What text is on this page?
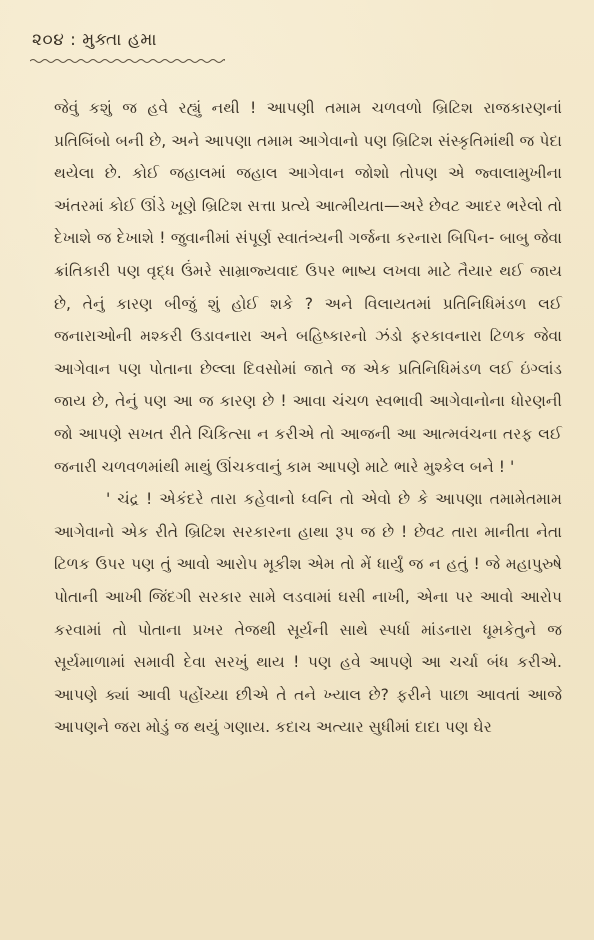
૨૦૪ : મુક્તા હમા

જેવું કશું જ હવે રહ્યું નથી ! આપણી તમામ ચળવળો બ્રિટિશ રાજકારણનાં પ્રતિબિંબો બની છે, અને આપણા તમામ આગેવાનો પણ બ્રિટિશ સંસ્કૃતિમાંથી જ પેદા થયેલા છે. કોઈ જહાલમાં જહાલ આગેવાન જોશો તોપણ એ જ્વાલામુખીના અંતરમાં કોઈ ઊંડે ખૂણે બ્રિટિશ સત્તા પ્રત્યે આત્મીયતા—અરે છેવટ આદર ભરેલો તો દેખાશે જ દેખાશે ! જુવાનીમાં સંપૂર્ણ સ્વાતંત્ર્યની ગર્જના કરનારા બિપિન- બાબુ જેવા ક્રાંતિકારી પણ વૃદ્ધ ઉંમરે સામ્રાજ્યવાદ ઉપર ભાષ્ય લખવા માટે તૈયાર થઈ જાય છે, તેનું કારણ બીજું શું હોઈ શકે ? અને વિલાયતમાં પ્રતિનિધિમંડળ લઈ જનારાઓની મશ્કરી ઉડાવનારા અને બહિષ્કારનો ઝંડો ફરકાવનારા ટિળક જેવા આગેવાન પણ પોતાના છેલ્લા દિવસોમાં જાતે જ એક પ્રતિનિધિમંડળ લઈ ઇંગ્લાંડ જાય છે, તેનું પણ આ જ કારણ છે ! આવા ચંચળ સ્વભાવી આગેવાનોના ધોરણની જો આપણે સખત રીતે ચિકિત્સા ન કરીએ તો આજની આ આત્મવંચના તરફ લઈ જનારી ચળવળમાંથી માથું ઊંચકવાનું કામ આપણે માટે ભારે મુશ્કેલ બને ! '

' ચંદ્ર ! એકંદરે તારા કહેવાનો ધ્વનિ તો એવો છે કે આપણા તમામેતમામ આગેવાનો એક રીતે બ્રિટિશ સરકારના હાથા રૂપ જ છે ! છેવટ તારા માનીતા નેતા ટિળક ઉપર પણ તું આવો આરોપ મૂકીશ એમ તો મેં ધાર્યું જ ન હતું ! જે મહાપુરુષે પોતાની આખી જિંદગી સરકાર સામે લડવામાં ઘસી નાખી, એના પર આવો આરોપ કરવામાં તો પોતાના પ્રખર તેજથી સૂર્યની સાથે સ્પર્ધા માંડનારા ધૂમકેતુને જ સૂર્યમાળામાં સમાવી દેવા સરખું થાય ! પણ હવે આપણે આ ચર્ચા બંધ કરીએ. આપણે ક્યાં આવી પહોંચ્યા છીએ તે તને ખ્યાલ છે? ફરીને પાછા આવતાં આજે આપણને જરા મોડું જ થયું ગણાય. કદાચ અત્યાર સુધીમાં દાદા પણ ઘેર
